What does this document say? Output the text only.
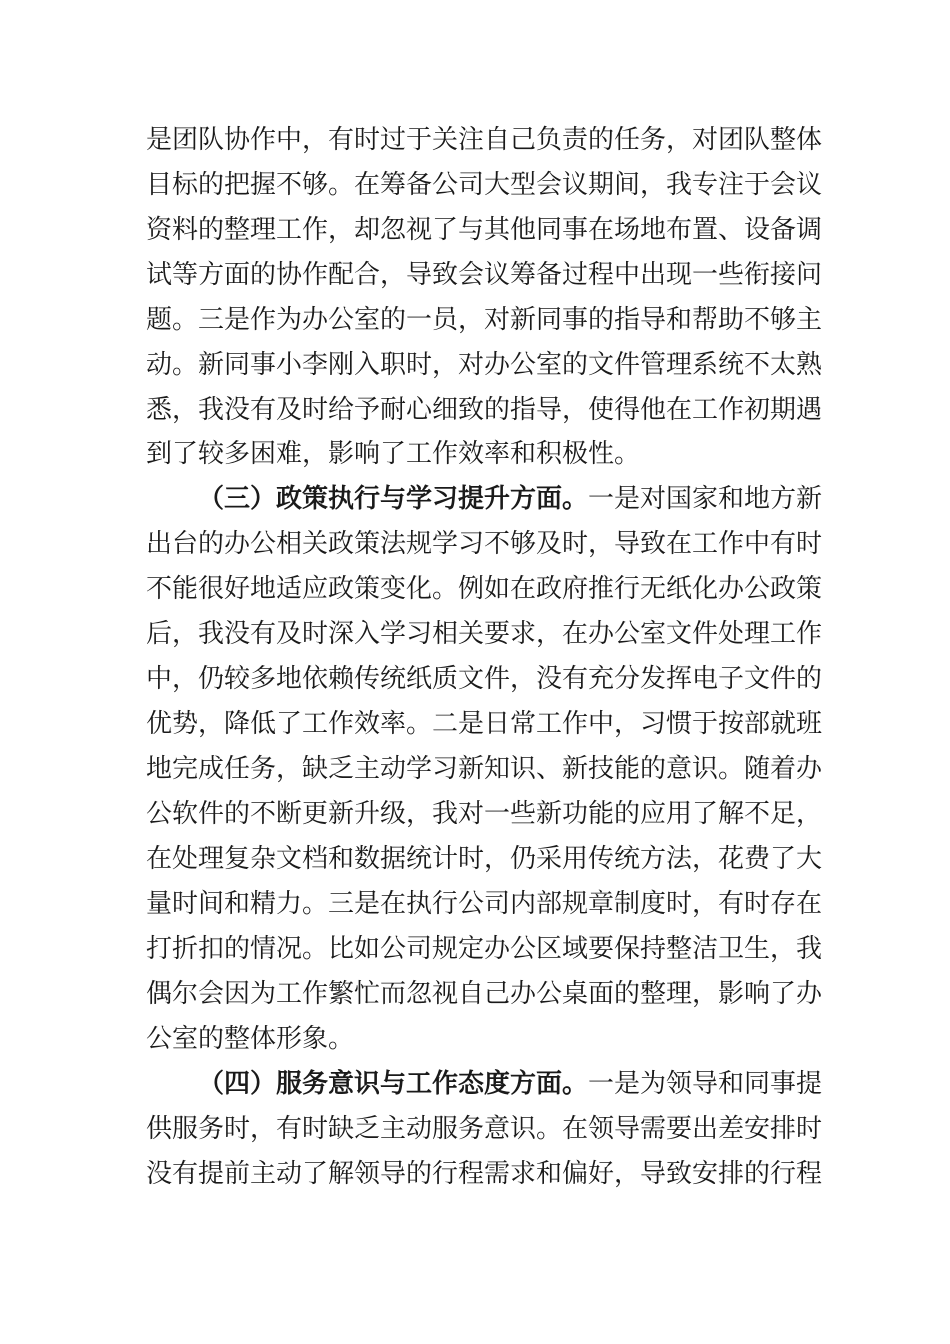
是团队协作中，有时过于关注自己负责的任务，对团队整体
目标的把握不够。在筹备公司大型会议期间，我专注于会议
资料的整理工作，却忽视了与其他同事在场地布置、设备调
试等方面的协作配合，导致会议筹备过程中出现一些衔接问
题。三是作为办公室的一员，对新同事的指导和帮助不够主
动。新同事小李刚入职时，对办公室的文件管理系统不太熟
悉，我没有及时给予耐心细致的指导，使得他在工作初期遇
到了较多困难，影响了工作效率和积极性。
（三）政策执行与学习提升方面。一是对国家和地方新
出台的办公相关政策法规学习不够及时，导致在工作中有时
不能很好地适应政策变化。例如在政府推行无纸化办公政策
后，我没有及时深入学习相关要求，在办公室文件处理工作
中，仍较多地依赖传统纸质文件，没有充分发挥电子文件的
优势，降低了工作效率。二是日常工作中，习惯于按部就班
地完成任务，缺乏主动学习新知识、新技能的意识。随着办
公软件的不断更新升级，我对一些新功能的应用了解不足，
在处理复杂文档和数据统计时，仍采用传统方法，花费了大
量时间和精力。三是在执行公司内部规章制度时，有时存在
打折扣的情况。比如公司规定办公区域要保持整洁卫生，我
偶尔会因为工作繁忙而忽视自己办公桌面的整理，影响了办
公室的整体形象。
（四）服务意识与工作态度方面。一是为领导和同事提
供服务时，有时缺乏主动服务意识。在领导需要出差安排时
没有提前主动了解领导的行程需求和偏好，导致安排的行程
